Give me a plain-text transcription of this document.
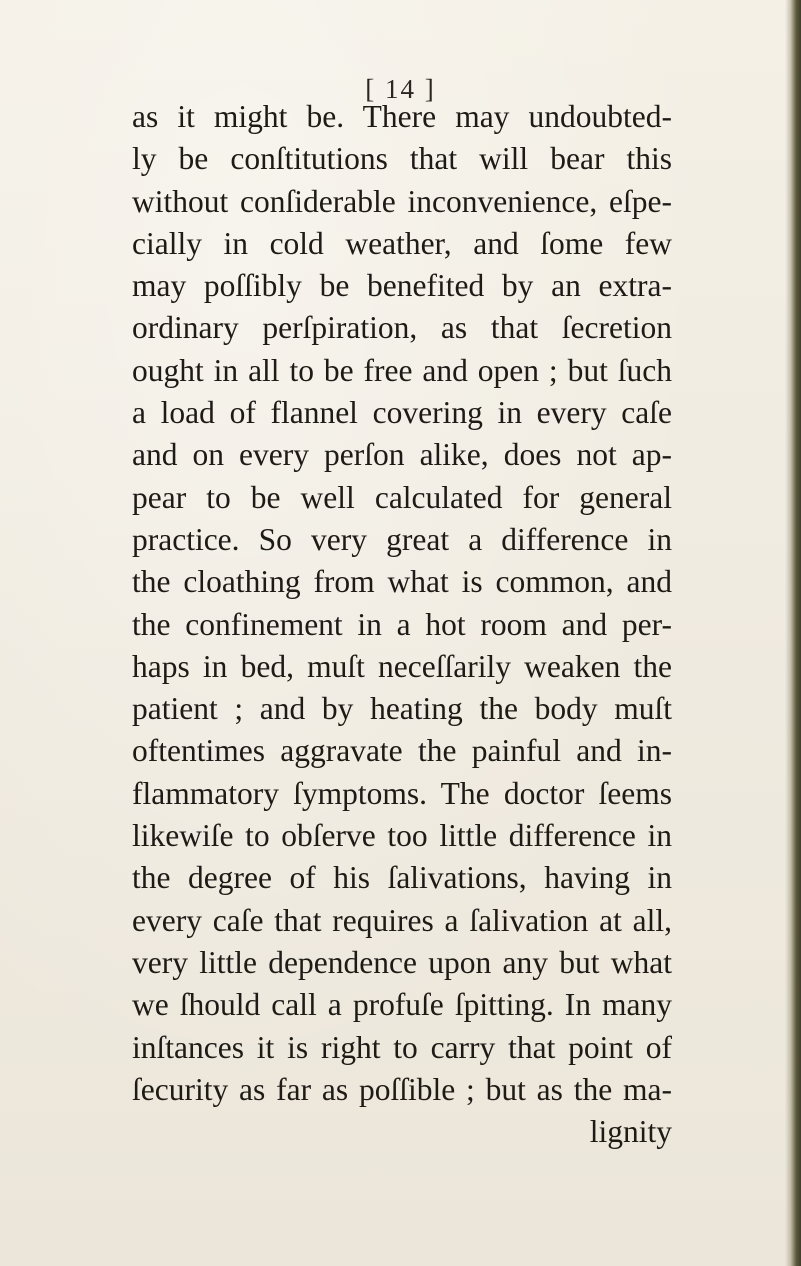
[ 14 ]
as it might be. There may undoubted-
ly be conſtitutions that will bear this
without conſiderable inconvenience, eſpe-
cially in cold weather, and ſome few
may poſſibly be benefited by an extra-
ordinary perſpiration, as that ſecretion
ought in all to be free and open ; but ſuch
a load of flannel covering in every caſe
and on every perſon alike, does not ap-
pear to be well calculated for general
practice. So very great a difference in
the cloathing from what is common, and
the confinement in a hot room and per-
haps in bed, muſt neceſſarily weaken the
patient ; and by heating the body muſt
oftentimes aggravate the painful and in-
flammatory ſymptoms. The doctor ſeems
likewiſe to obſerve too little difference in
the degree of his ſalivations, having in
every caſe that requires a ſalivation at all,
very little dependence upon any but what
we ſhould call a profuſe ſpitting. In many
inſtances it is right to carry that point of
ſecurity as far as poſſible ; but as the ma-
lignity
